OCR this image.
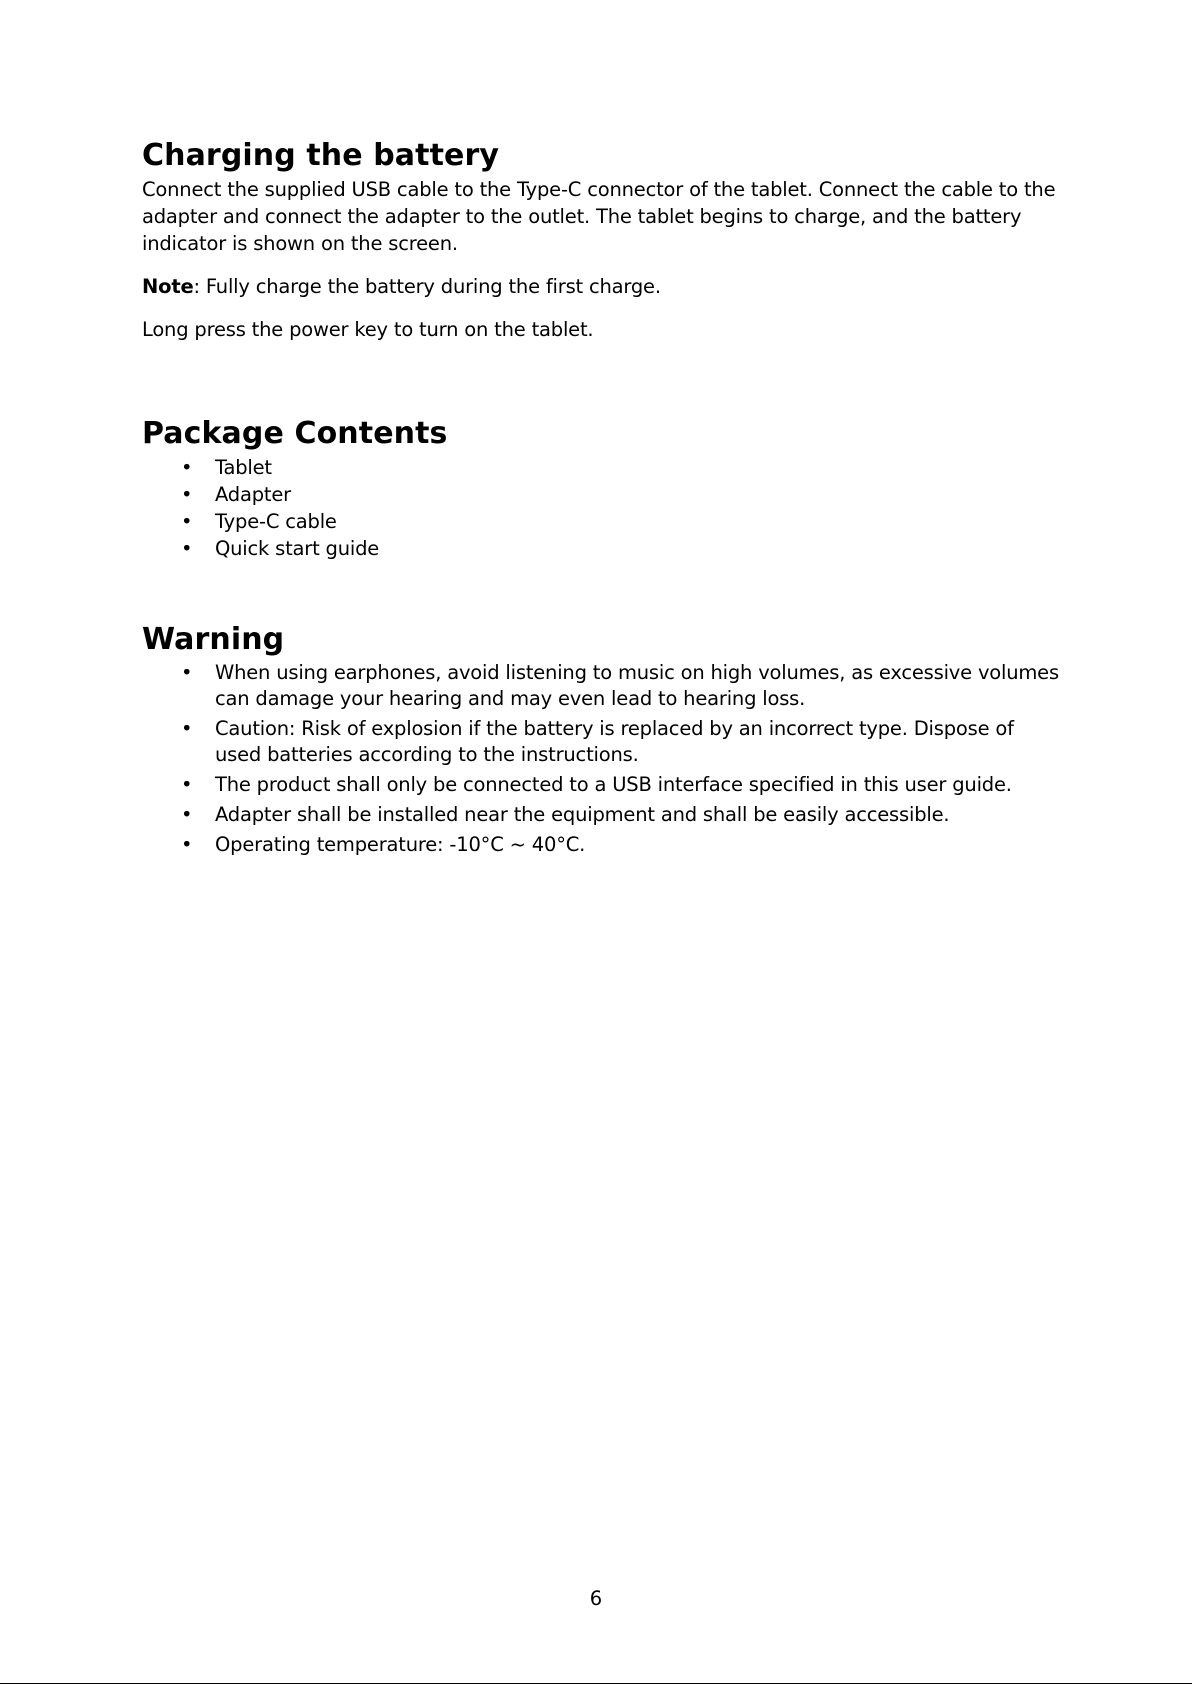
Charging the battery

Connect the supplied USB cable to the Type-C connector of the tablet. Connect the cable to the adapter and connect the adapter to the outlet. The tablet begins to charge, and the battery indicator is shown on the screen.

Note: Fully charge the battery during the first charge.

Long press the power key to turn on the tablet.

Package Contents
• Tablet
• Adapter
• Type-C cable
• Quick start guide
Warning
• When using earphones, avoid listening to music on high volumes, as excessive volumes can damage your hearing and may even lead to hearing loss.
• Caution: Risk of explosion if the battery is replaced by an incorrect type. Dispose of used batteries according to the instructions.
• The product shall only be connected to a USB interface specified in this user guide.
• Adapter shall be installed near the equipment and shall be easily accessible.
• Operating temperature: -10°C ~ 40°C.
6
